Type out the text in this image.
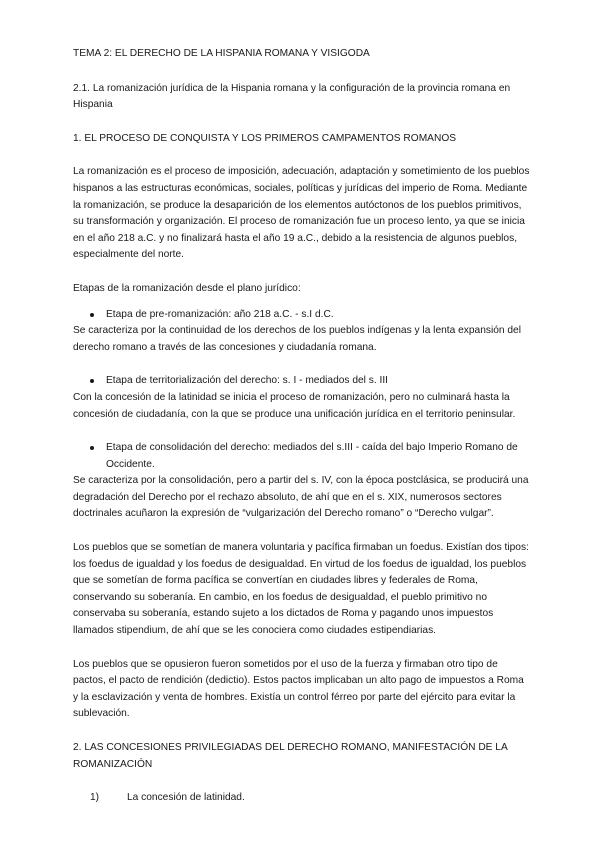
TEMA 2: EL DERECHO DE LA HISPANIA ROMANA Y VISIGODA

2.1. La romanización jurídica de la Hispania romana y la configuración de la provincia romana en Hispania

1. EL PROCESO DE CONQUISTA Y LOS PRIMEROS CAMPAMENTOS ROMANOS

La romanización es el proceso de imposición, adecuación, adaptación y sometimiento de los pueblos hispanos a las estructuras económicas, sociales, políticas y jurídicas del imperio de Roma. Mediante la romanización, se produce la desaparición de los elementos autóctonos de los pueblos primitivos, su transformación y organización. El proceso de romanización fue un proceso lento, ya que se inicia en el año 218 a.C. y no finalizará hasta el año 19 a.C., debido a la resistencia de algunos pueblos, especialmente del norte.

Etapas de la romanización desde el plano jurídico:

Etapa de pre-romanización: año 218 a.C. - s.I d.C.

Se caracteriza por la continuidad de los derechos de los pueblos indígenas y la lenta expansión del derecho romano a través de las concesiones y ciudadanía romana.

Etapa de territorialización del derecho: s. I - mediados del s. III

Con la concesión de la latinidad se inicia el proceso de romanización, pero no culminará hasta la concesión de ciudadanía, con la que se produce una unificación jurídica en el territorio peninsular.

Etapa de consolidación del derecho: mediados del s.III - caída del bajo Imperio Romano de Occidente.

Se caracteriza por la consolidación, pero a partir del s. IV, con la época postclásica, se producirá una degradación del Derecho por el rechazo absoluto, de ahí que en el s. XIX, numerosos sectores doctrinales acuñaron la expresión de “vulgarización del Derecho romano” o “Derecho vulgar”.

Los pueblos que se sometían de manera voluntaria y pacífica firmaban un foedus. Existían dos tipos: los foedus de igualdad y los foedus de desigualdad. En virtud de los foedus de igualdad, los pueblos que se sometían de forma pacífica se convertían en ciudades libres y federales de Roma, conservando su soberanía. En cambio, en los foedus de desigualdad, el pueblo primitivo no conservaba su soberanía, estando sujeto a los dictados de Roma y pagando unos impuestos llamados stipendium, de ahí que se les conociera como ciudades estipendiarias.

Los pueblos que se opusieron fueron sometidos por el uso de la fuerza y firmaban otro tipo de pactos, el pacto de rendición (dedictio). Estos pactos implicaban un alto pago de impuestos a Roma y la esclavización y venta de hombres. Existía un control férreo por parte del ejército para evitar la sublevación.

2. LAS CONCESIONES PRIVILEGIADAS DEL DERECHO ROMANO, MANIFESTACIÓN DE LA ROMANIZACIÓN

1)	La concesión de latinidad.
